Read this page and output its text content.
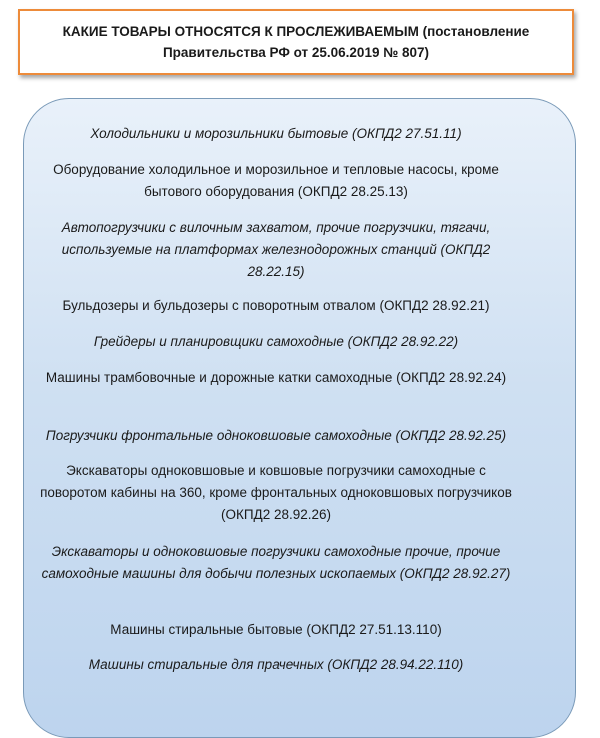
КАКИЕ ТОВАРЫ ОТНОСЯТСЯ К ПРОСЛЕЖИВАЕМЫМ (постановление Правительства РФ от 25.06.2019 № 807)
Холодильники и морозильники бытовые (ОКПД2 27.51.11)
Оборудование холодильное и морозильное и тепловые насосы, кроме бытового оборудования (ОКПД2 28.25.13)
Автопогрузчики с вилочным захватом, прочие погрузчики, тягачи, используемые на платформах железнодорожных станций (ОКПД2 28.22.15)
Бульдозеры и бульдозеры с поворотным отвалом (ОКПД2 28.92.21)
Грейдеры и планировщики самоходные (ОКПД2 28.92.22)
Машины трамбовочные и дорожные катки самоходные (ОКПД2 28.92.24)
Погрузчики фронтальные одноковшовые самоходные (ОКПД2 28.92.25)
Экскаваторы одноковшовые и ковшовые погрузчики самоходные с поворотом кабины на 360, кроме фронтальных одноковшовых погрузчиков (ОКПД2 28.92.26)
Экскаваторы и одноковшовые погрузчики самоходные прочие, прочие самоходные машины для добычи полезных ископаемых (ОКПД2 28.92.27)
Машины стиральные бытовые (ОКПД2 27.51.13.110)
Машины стиральные для прачечных (ОКПД2 28.94.22.110)
